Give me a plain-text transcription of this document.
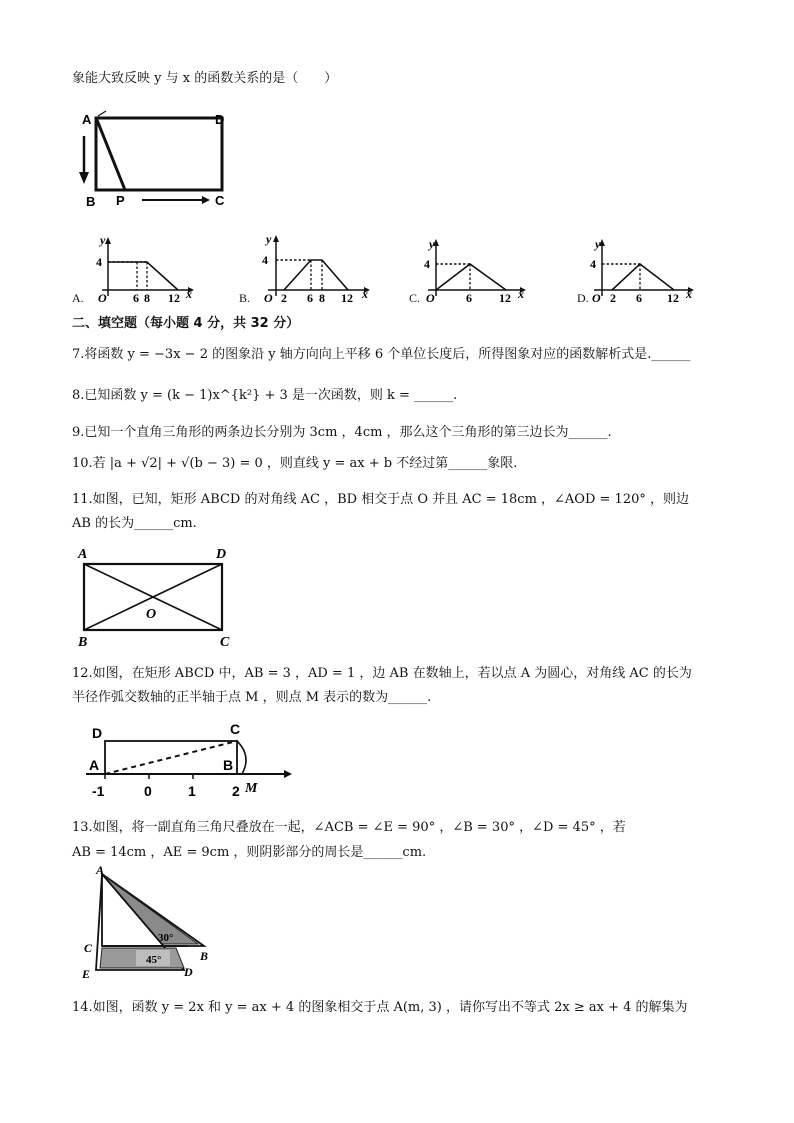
象能大致反映 y 与 x 的函数关系的是（　　）
A	D
B P	C
A.
y
4
x
O 6 8 12	B.
y
4
x
O 2 6 8 12	C.
y
4
x
O	6 12	D.
y
4
x
O 2 6 12
二、填空题（每小题 4 分，共 32 分）
7.将函数 y = −3x − 2 的图象沿 y 轴方向向上平移 6 个单位长度后，所得图象对应的函数解析式是.______
8.已知函数 y = (k − 1)x^{k²} + 3 是一次函数，则 k = ______.
9.已知一个直角三角形的两条边长分别为 3cm ，4cm ，那么这个三角形的第三边长为______.
10.若 |a + √2| + √(b − 3) = 0 ，则直线 y = ax + b 不经过第______象限.
11.如图，已知，矩形 ABCD 的对角线 AC ，BD 相交于点 O 并且 AC = 18cm ，∠AOD = 120° ，则边
AB 的长为______cm.
A	D
B	C
O
12.如图，在矩形 ABCD 中，AB = 3 ，AD = 1 ，边 AB 在数轴上，若以点 A 为圆心，对角线 AC 的长为
半径作弧交数轴的正半轴于点 M ，则点 M 表示的数为______.
D	C
A	B
M
-1	0	1	2
13.如图，将一副直角三角尺叠放在一起，∠ACB = ∠E = 90° ，∠B = 30° ，∠D = 45° ，若
AB = 14cm ，AE = 9cm ，则阴影部分的周长是______cm.
30°
45°
A
C
B
D
E
14.如图，函数 y = 2x 和 y = ax + 4 的图象相交于点 A(m, 3) ，请你写出不等式 2x ≥ ax + 4 的解集为
